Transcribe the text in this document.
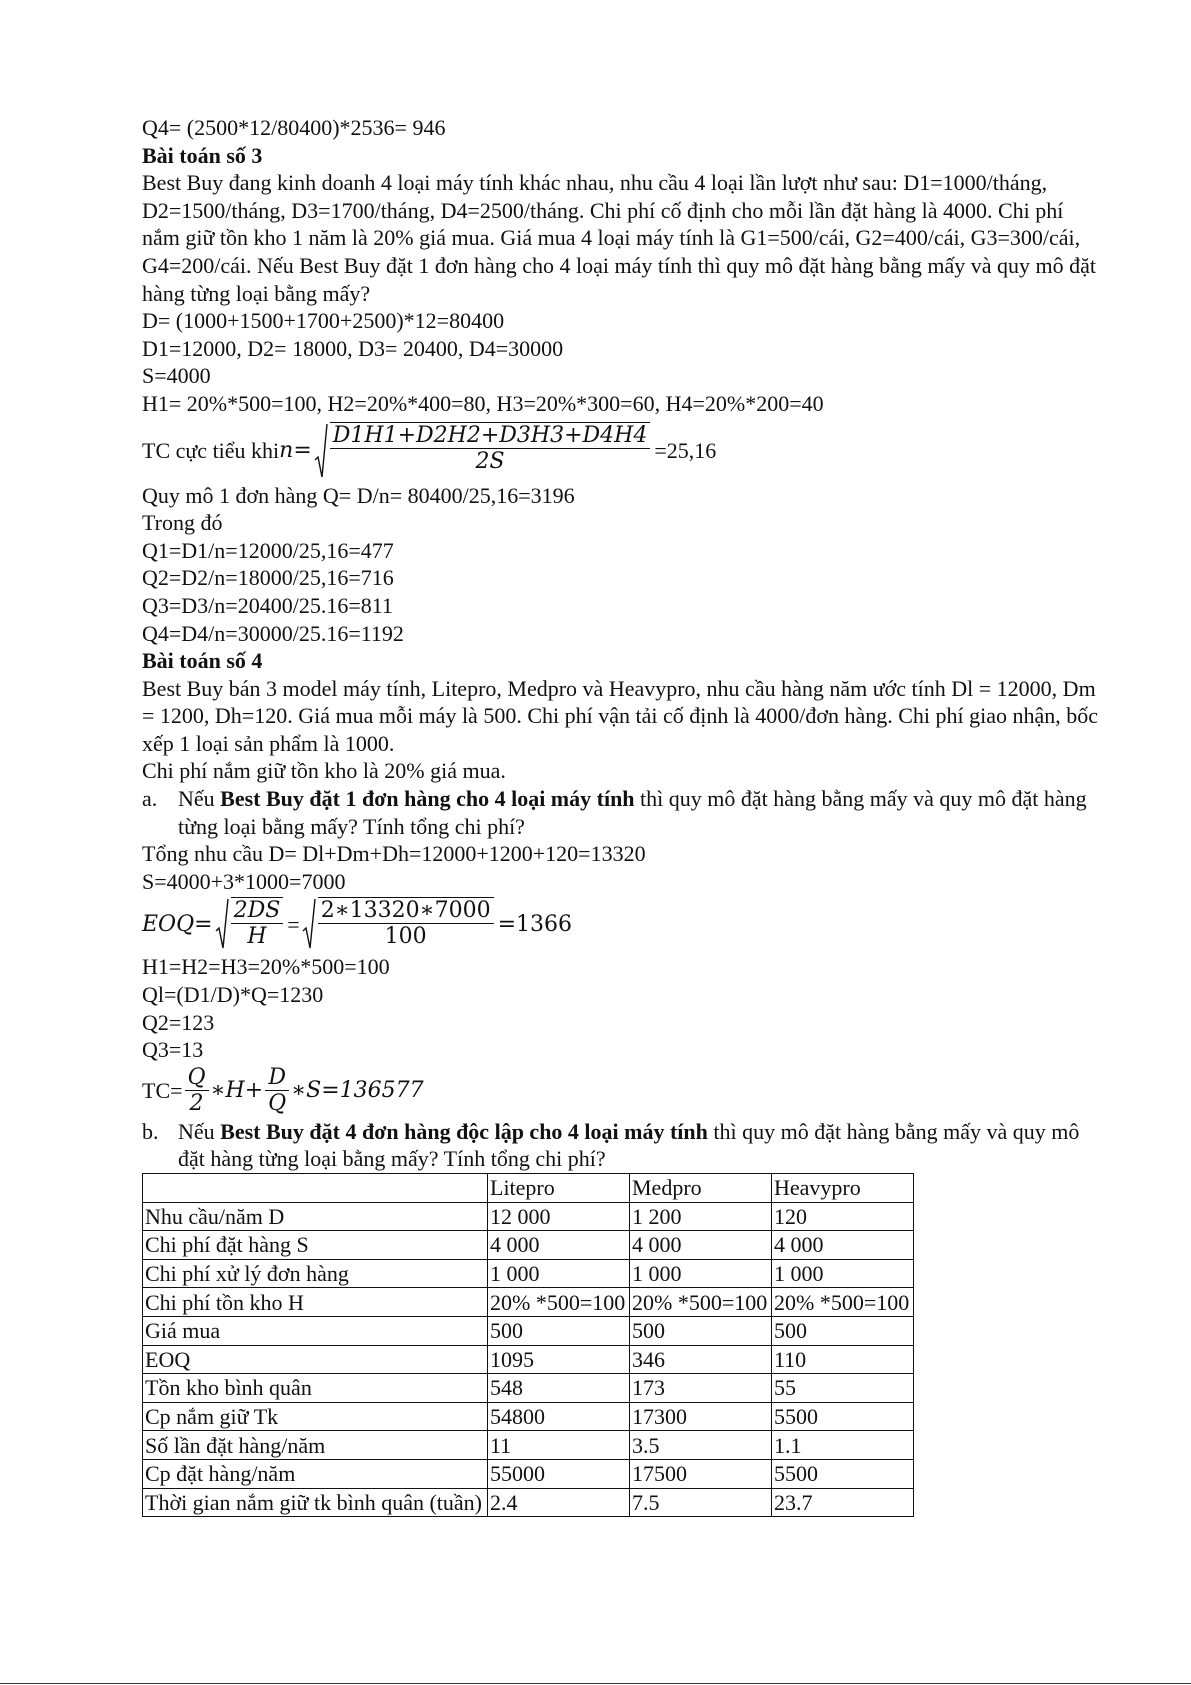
Q4= (2500*12/80400)*2536= 946
Bài toán số 3
Best Buy đang kinh doanh 4 loại máy tính khác nhau, nhu cầu 4 loại lần lượt như sau: D1=1000/tháng, D2=1500/tháng, D3=1700/tháng, D4=2500/tháng. Chi phí cố định cho mỗi lần đặt hàng là 4000. Chi phí nắm giữ tồn kho 1 năm là 20% giá mua. Giá mua 4 loại máy tính là G1=500/cái, G2=400/cái, G3=300/cái, G4=200/cái. Nếu Best Buy đặt 1 đơn hàng cho 4 loại máy tính thì quy mô đặt hàng bằng mấy và quy mô đặt hàng từng loại bằng mấy?
D= (1000+1500+1700+2500)*12=80400
D1=12000, D2= 18000, D3= 20400, D4=30000
S=4000
H1= 20%*500=100, H2=20%*400=80, H3=20%*300=60, H4=20%*200=40
TC cực tiểu khi $n= \frac{D1H1+D2H2+D3H3+D4H4}{2S} =25,16$
Quy mô 1 đơn hàng Q= D/n= 80400/25,16=3196
Trong đó
Q1=D1/n=12000/25,16=477
Q2=D2/n=18000/25,16=716
Q3=D3/n=20400/25.16=811
Q4=D4/n=30000/25.16=1192
Bài toán số 4
Best Buy bán 3 model máy tính, Litepro, Medpro và Heavypro, nhu cầu hàng năm ước tính Dl = 12000, Dm = 1200, Dh=120. Giá mua mỗi máy là 500. Chi phí vận tải cố định là 4000/đơn hàng. Chi phí giao nhận, bốc xếp 1 loại sản phẩm là 1000.
Chi phí nắm giữ tồn kho là 20% giá mua.
a. Nếu Best Buy đặt 1 đơn hàng cho 4 loại máy tính thì quy mô đặt hàng bằng mấy và quy mô đặt hàng từng loại bằng mấy? Tính tổng chi phí?
Tổng nhu cầu D= Dl+Dm+Dh=12000+1200+120=13320
S=4000+3*1000=7000
$EOQ= \frac{2DS}{H} = \frac{2∗13320∗7000}{100} =1366$
H1=H2=H3=20%*500=100
Ql=(D1/D)*Q=1230
Q2=123
Q3=13
$TC= \frac{Q}{2}$ ∗H+ $\frac{D}{Q}$ ∗S=136577
b. Nếu Best Buy đặt 4 đơn hàng độc lập cho 4 loại máy tính thì quy mô đặt hàng bằng mấy và quy mô đặt hàng từng loại bằng mấy? Tính tổng chi phí?
	Litepro	Medpro	Heavypro
Nhu cầu/năm D	12 000	1 200	120
Chi phí đặt hàng S	4 000	4 000	4 000
Chi phí xử lý đơn hàng	1 000	1 000	1 000
Chi phí tồn kho H	20% *500=100	20% *500=100	20% *500=100
Giá mua	500	500	500
EOQ	1095	346	110
Tồn kho bình quân	548	173	55
Cp nắm giữ Tk	54800	17300	5500
Số lần đặt hàng/năm	11	3.5	1.1
Cp đặt hàng/năm	55000	17500	5500
Thời gian nắm giữ tk bình quân (tuần)	2.4	7.5	23.7
